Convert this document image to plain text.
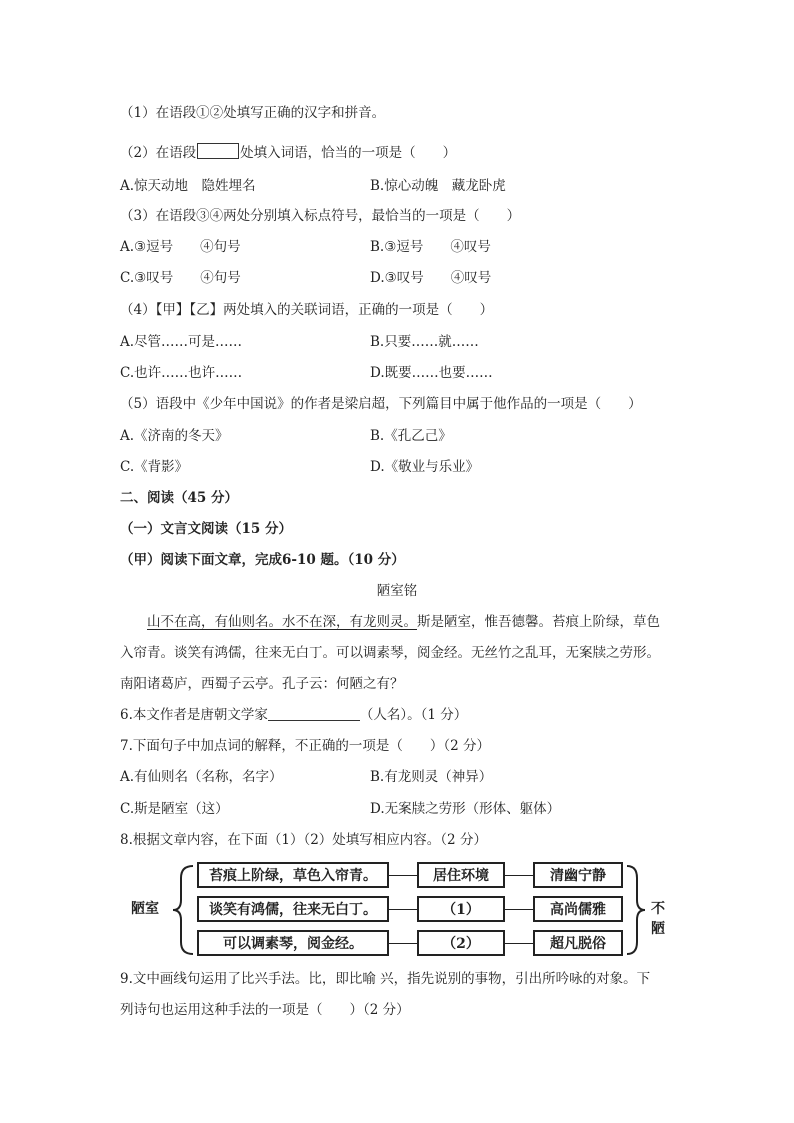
（1）在语段①②处填写正确的汉字和拼音。
（2）在语段	处填入词语，恰当的一项是（　　）
A.惊天动地　隐姓埋名	B.惊心动魄　藏龙卧虎
（3）在语段③④两处分别填入标点符号，最恰当的一项是（　　）
A.③逗号　　④句号	B.③逗号　　④叹号
C.③叹号　　④句号	D.③叹号　　④叹号
（4）【甲】【乙】两处填入的关联词语，正确的一项是（　　）
A.尽管……可是……	B.只要……就……
C.也许……也许……	D.既要……也要……
（5）语段中《少年中国说》的作者是梁启超，下列篇目中属于他作品的一项是（　　）
A.《济南的冬天》	B.《孔乙己》
C.《背影》	D.《敬业与乐业》
二、阅读（45 分）
（一）文言文阅读（15 分）
（甲）阅读下面文章，完成6-10 题。（10 分）
陋室铭
山不在高，有仙则名。水不在深，有龙则灵。斯是陋室，惟吾德馨。苔痕上阶绿，草色
入帘青。谈笑有鸿儒，往来无白丁。可以调素琴，阅金经。无丝竹之乱耳，无案牍之劳形。
南阳诸葛庐，西蜀子云亭。孔子云：何陋之有？
6.本文作者是唐朝文学家	（人名）。（1 分）
7.下面句子中加点词的解释，不正确的一项是（　　）（2 分）
A.有仙则名（名称，名字）	B.有龙则灵（神异）
C.斯是陋室（这）	D.无案牍之劳形（形体、躯体）
8.根据文章内容，在下面（1）（2）处填写相应内容。（2 分）
陋室
苔痕上阶绿，草色入帘青。	居住环境	清幽宁静
谈笑有鸿儒，往来无白丁。	（1）	高尚儒雅
可以调素琴，阅金经。	（2）	超凡脱俗
不陋
9.文中画线句运用了比兴手法。比，即比喻 兴，指先说别的事物，引出所吟咏的对象。下
列诗句也运用这种手法的一项是（　　）（2 分）
